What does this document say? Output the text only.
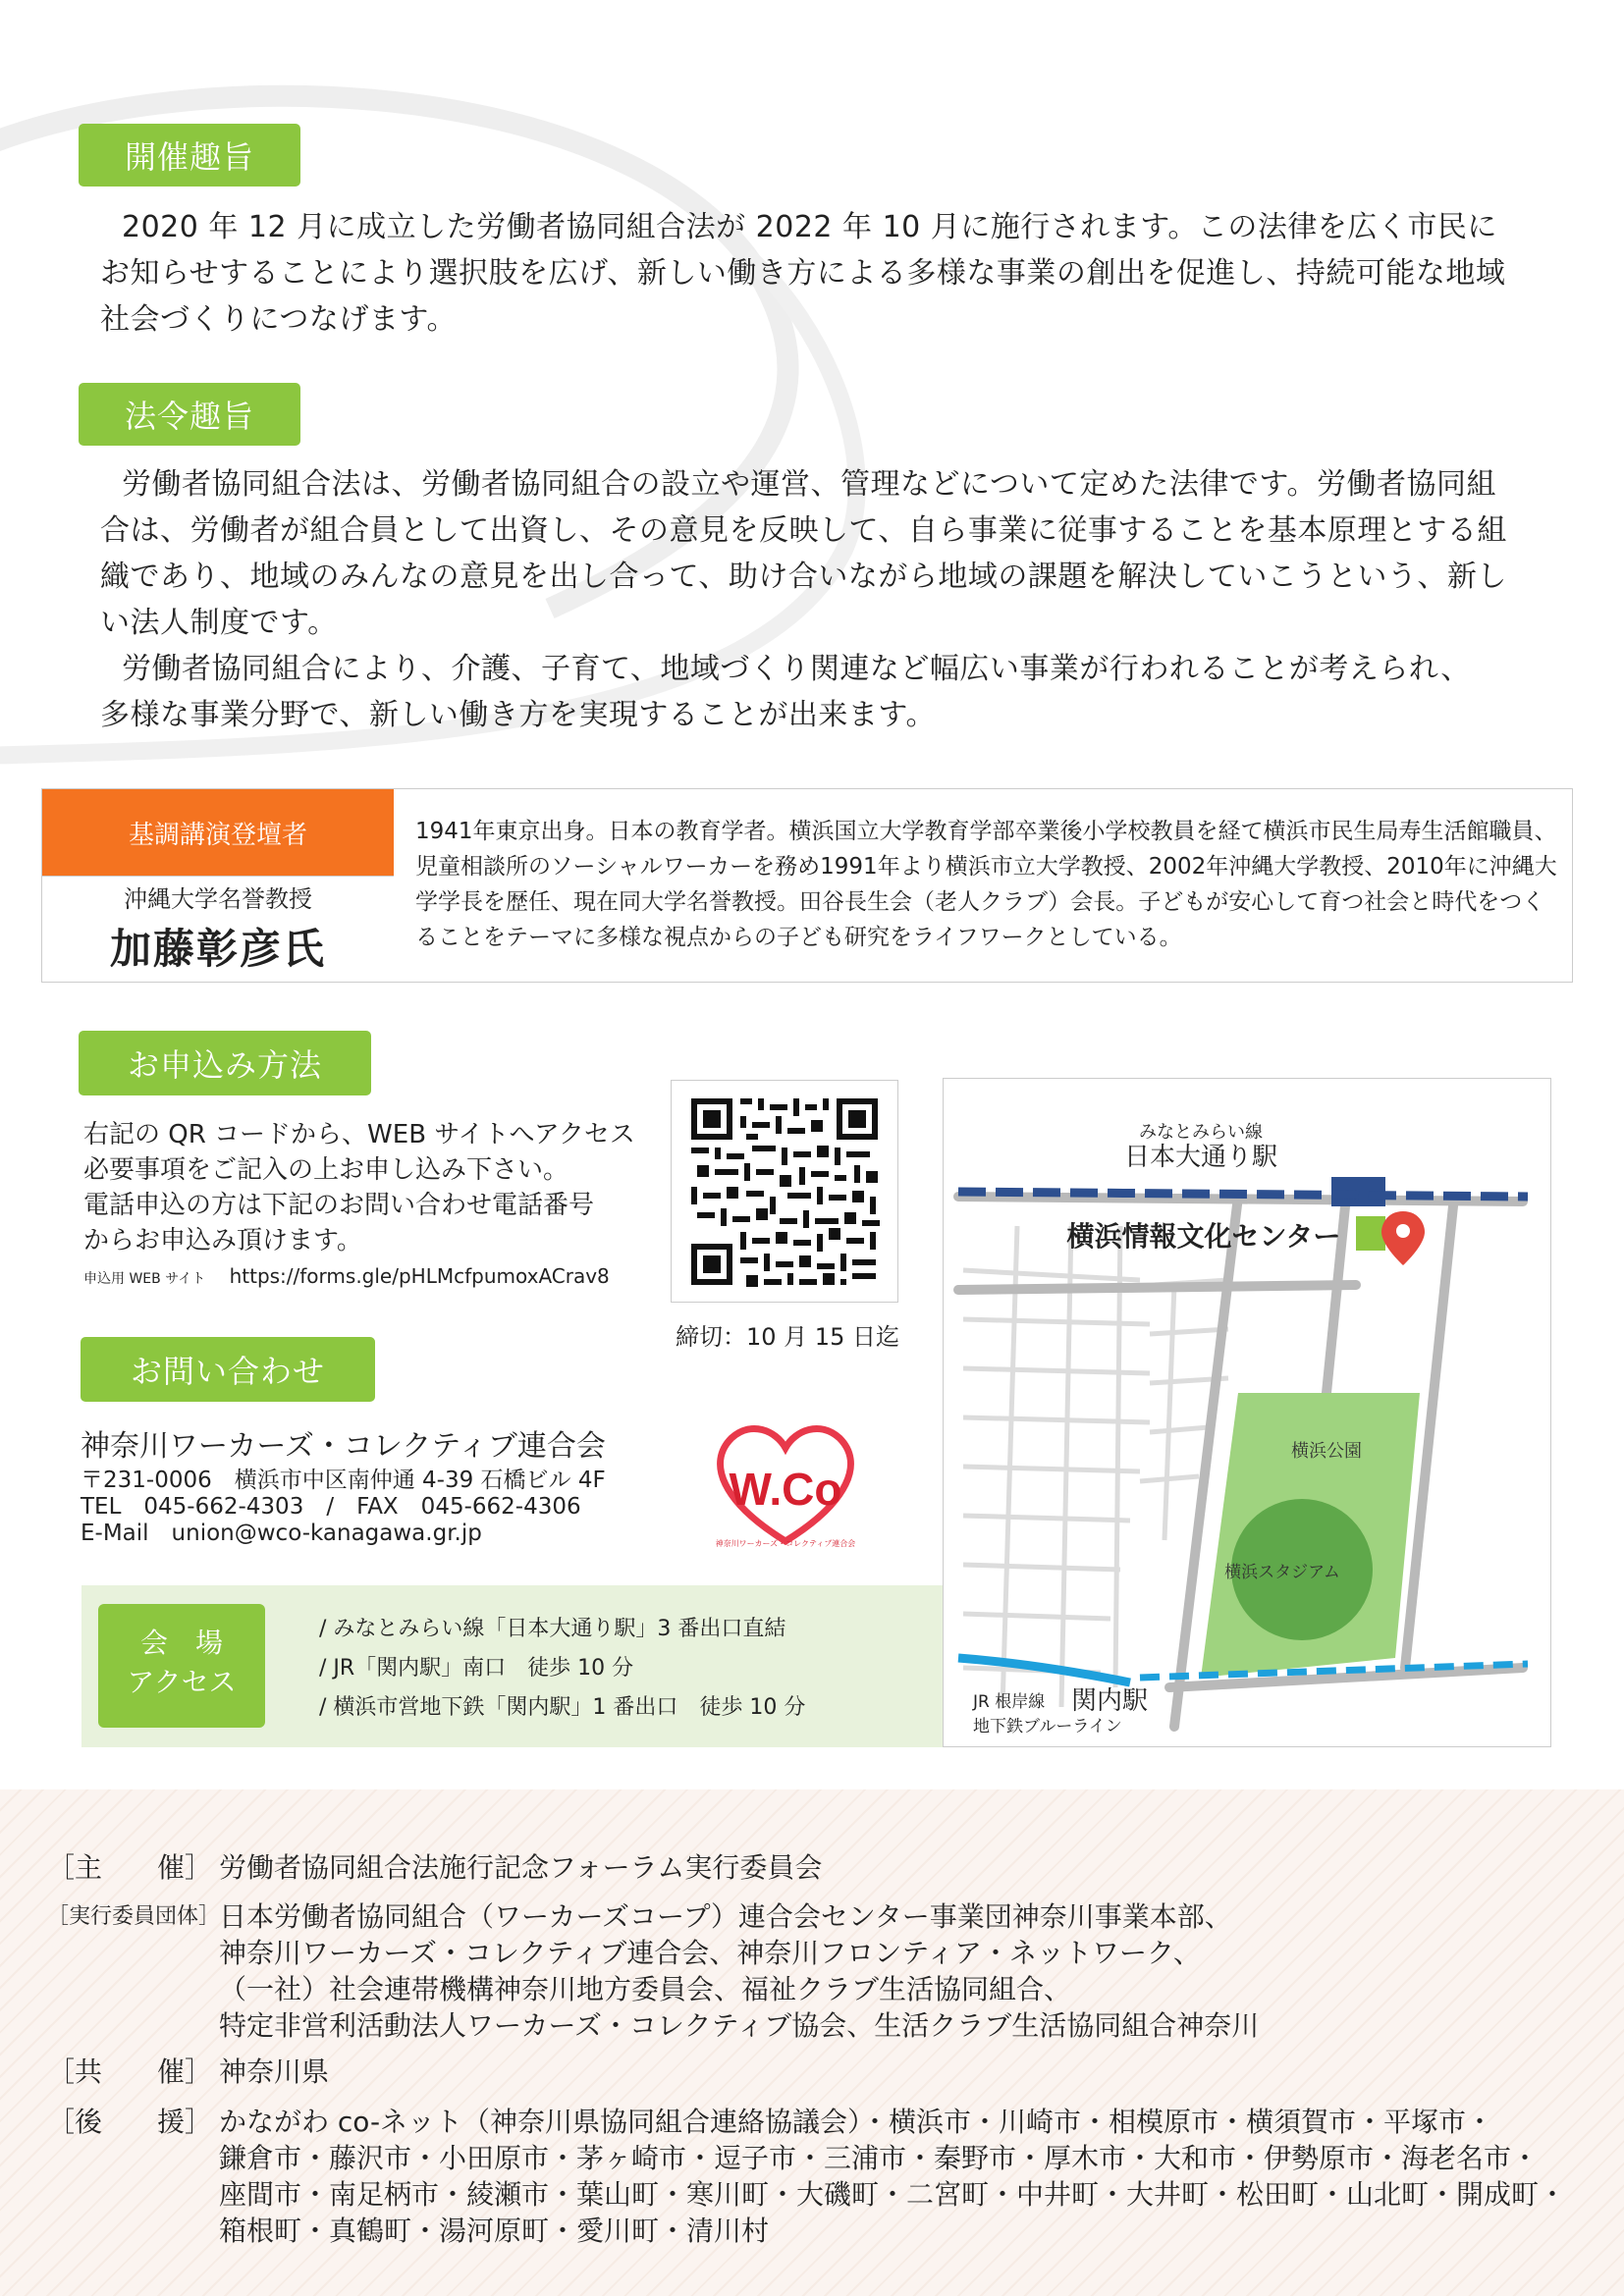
開催趣旨
2020 年 12 月に成立した労働者協同組合法が 2022 年 10 月に施行されます。この法律を広く市民にお知らせすることにより選択肢を広げ、新しい働き方による多様な事業の創出を促進し、持続可能な地域社会づくりにつなげます。
法令趣旨
労働者協同組合法は、労働者協同組合の設立や運営、管理などについて定めた法律です。労働者協同組合は、労働者が組合員として出資し、その意見を反映して、自ら事業に従事することを基本原理とする組織であり、地域のみんなの意見を出し合って、助け合いながら地域の課題を解決していこうという、新しい法人制度です。
労働者協同組合により、介護、子育て、地域づくり関連など幅広い事業が行われることが考えられ、多様な事業分野で、新しい働き方を実現することが出来ます。
基調講演登壇者
沖縄大学名誉教授
加藤彰彦氏
1941年東京出身。日本の教育学者。横浜国立大学教育学部卒業後小学校教員を経て横浜市民生局寿生活館職員、児童相談所のソーシャルワーカーを務め1991年より横浜市立大学教授、2002年沖縄大学教授、2010年に沖縄大学学長を歴任、現在同大学名誉教授。田谷長生会（老人クラブ）会長。子どもが安心して育つ社会と時代をつくることをテーマに多様な視点からの子ども研究をライフワークとしている。
お申込み方法
右記の QR コードから、WEB サイトへアクセス
必要事項をご記入の上お申し込み下さい。
電話申込の方は下記のお問い合わせ電話番号
からお申込み頂けます。
申込用 WEB サイト https://forms.gle/pHLMcfpumoxACrav8
締切：10 月 15 日迄
お問い合わせ
神奈川ワーカーズ・コレクティブ連合会
〒231-0006　横浜市中区南仲通 4-39 石橋ビル 4F
TEL　045-662-4303　/　FAX　045-662-4306
E-Mail　union@wco-kanagawa.gr.jp
W.Co
神奈川ワーカーズ・コレクティブ連合会
会　場
アクセス
/ みなとみらい線「日本大通り駅」3 番出口直結
/ JR「関内駅」南口　徒歩 10 分
/ 横浜市営地下鉄「関内駅」1 番出口　徒歩 10 分
横浜公園
横浜スタジアム
みなとみらい線
日本大通り駅
横浜情報文化センター
JR 根岸線 関内駅
地下鉄ブルーライン
［主　　催］ 労働者協同組合法施行記念フォーラム実行委員会
［実行委員団体］
日本労働者協同組合（ワーカーズコープ）連合会センター事業団神奈川事業本部、
神奈川ワーカーズ・コレクティブ連合会、神奈川フロンティア・ネットワーク、
（一社）社会連帯機構神奈川地方委員会、福祉クラブ生活協同組合、
特定非営利活動法人ワーカーズ・コレクティブ協会、生活クラブ生活協同組合神奈川
［共　　催］ 神奈川県
［後　　援］ かながわ co-ネット（神奈川県協同組合連絡協議会）・横浜市・川崎市・相模原市・横須賀市・平塚市・
鎌倉市・藤沢市・小田原市・茅ヶ崎市・逗子市・三浦市・秦野市・厚木市・大和市・伊勢原市・海老名市・
座間市・南足柄市・綾瀬市・葉山町・寒川町・大磯町・二宮町・中井町・大井町・松田町・山北町・開成町・
箱根町・真鶴町・湯河原町・愛川町・清川村
